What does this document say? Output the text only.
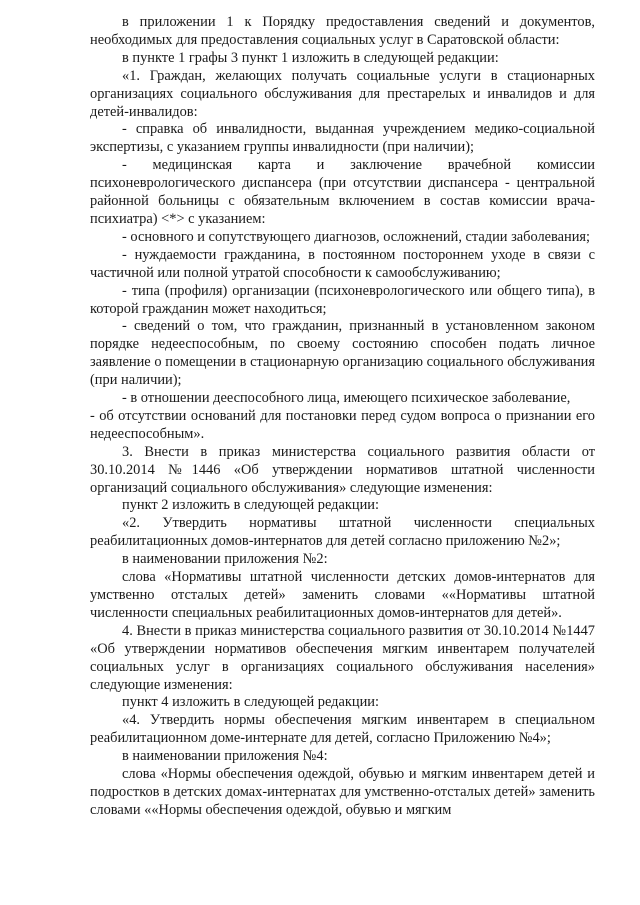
в приложении 1 к Порядку предоставления сведений и документов, необходимых для предоставления социальных услуг в Саратовской области:

в пункте 1 графы 3 пункт 1 изложить в следующей редакции:

«1. Граждан, желающих получать социальные услуги в стационарных организациях социального обслуживания для престарелых и инвалидов и для детей-инвалидов:

- справка об инвалидности, выданная учреждением медико-социальной экспертизы, с указанием группы инвалидности (при наличии);

- медицинская карта и заключение врачебной комиссии психоневрологического диспансера (при отсутствии диспансера - центральной районной больницы с обязательным включением в состав комиссии врача-психиатра) <*> с указанием:

- основного и сопутствующего диагнозов, осложнений, стадии заболевания;

- нуждаемости гражданина, в постоянном постороннем уходе в связи с частичной или полной утратой способности к самообслуживанию;

- типа (профиля) организации (психоневрологического или общего типа), в которой гражданин может находиться;

- сведений о том, что гражданин, признанный в установленном законом порядке недееспособным, по своему состоянию способен подать личное заявление о помещении в стационарную организацию социального обслуживания (при наличии);

- в отношении дееспособного лица, имеющего психическое заболевание,

- об отсутствии оснований для постановки перед судом вопроса о признании его недееспособным».

3. Внести в приказ министерства социального развития области от 30.10.2014 №1446 «Об утверждении нормативов штатной численности организаций социального обслуживания» следующие изменения:

пункт 2 изложить в следующей редакции:

«2. Утвердить нормативы штатной численности специальных реабилитационных домов-интернатов для детей согласно приложению №2»;

в наименовании приложения №2:

слова «Нормативы штатной численности детских домов-интернатов для умственно отсталых детей» заменить словами ««Нормативы штатной численности специальных реабилитационных домов-интернатов для детей».

4. Внести в приказ министерства социального развития от 30.10.2014 №1447 «Об утверждении нормативов обеспечения мягким инвентарем получателей социальных услуг в организациях социального обслуживания населения» следующие изменения:

пункт 4 изложить в следующей редакции:

«4. Утвердить нормы обеспечения мягким инвентарем в специальном реабилитационном доме-интернате для детей, согласно Приложению №4»;

в наименовании приложения №4:

слова «Нормы обеспечения одеждой, обувью и мягким инвентарем детей и подростков в детских домах-интернатах для умственно-отсталых детей» заменить словами ««Нормы обеспечения одеждой, обувью и мягким
